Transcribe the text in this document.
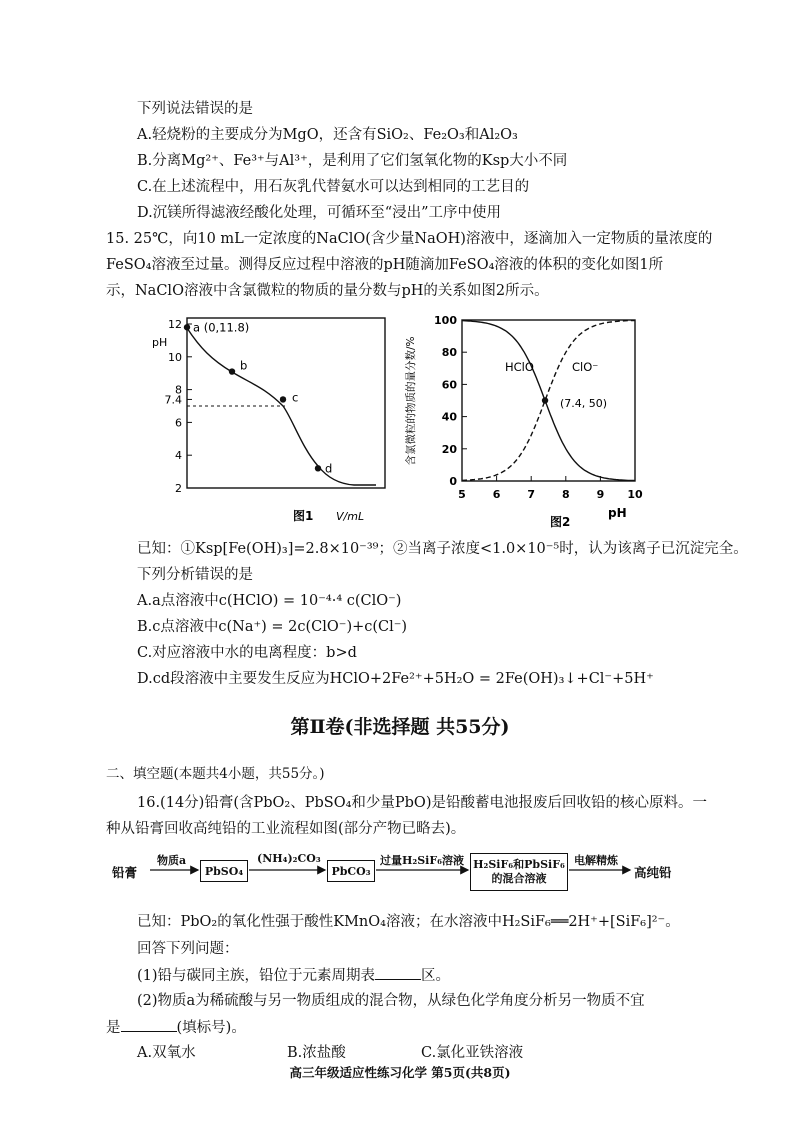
下列说法错误的是
A.轻烧粉的主要成分为MgO，还含有SiO₂、Fe₂O₃和Al₂O₃
B.分离Mg²⁺、Fe³⁺与Al³⁺，是利用了它们氢氧化物的Ksp大小不同
C.在上述流程中，用石灰乳代替氨水可以达到相同的工艺目的
D.沉镁所得滤液经酸化处理，可循环至“浸出”工序中使用
15. 25℃，向10 mL一定浓度的NaClO(含少量NaOH)溶液中，逐滴加入一定物质的量浓度的
FeSO₄溶液至过量。测得反应过程中溶液的pH随滴加FeSO₄溶液的体积的变化如图1所
示，NaClO溶液中含氯微粒的物质的量分数与pH的关系如图2所示。
pH
2
4
6
7.4
8
10
12 a (0,11.8)
b
c
d
图1 V/mL
0
20
40
60
80
100
5 6 7 8 9 10
含氯微粒的物质的量分数/%	(7.4, 50)
HClO	ClO⁻
图2
pH
已知：①Ksp[Fe(OH)₃]=2.8×10⁻³⁹；②当离子浓度<1.0×10⁻⁵时，认为该离子已沉淀完全。
下列分析错误的是
A.a点溶液中c(HClO) = 10⁻⁴·⁴ c(ClO⁻)
B.c点溶液中c(Na⁺) = 2c(ClO⁻)+c(Cl⁻)
C.对应溶液中水的电离程度：b>d
D.cd段溶液中主要发生反应为HClO+2Fe²⁺+5H₂O = 2Fe(OH)₃↓+Cl⁻+5H⁺
第Ⅱ卷(非选择题 共55分)
二、填空题(本题共4小题，共55分。)
16.(14分)铅膏(含PbO₂、PbSO₄和少量PbO)是铅酸蓄电池报废后回收铅的核心原料。一
种从铅膏回收高纯铅的工业流程如图(部分产物已略去)。
铅膏
物质a
PbSO₄
(NH₄)₂CO₃
PbCO₃
过量H₂SiF₆溶液 H₂SiF₆和PbSiF₆的混合溶液
电解精炼
高纯铅
已知：PbO₂的氧化性强于酸性KMnO₄溶液；在水溶液中H₂SiF₆══2H⁺+[SiF₆]²⁻。
回答下列问题：
(1)铅与碳同主族，铅位于元素周期表	区。
(2)物质a为稀硫酸与另一物质组成的混合物，从绿色化学角度分析另一物质不宜
是	(填标号)。
A.双氧水	B.浓盐酸	C.氯化亚铁溶液
高三年级适应性练习化学 第5页(共8页)
